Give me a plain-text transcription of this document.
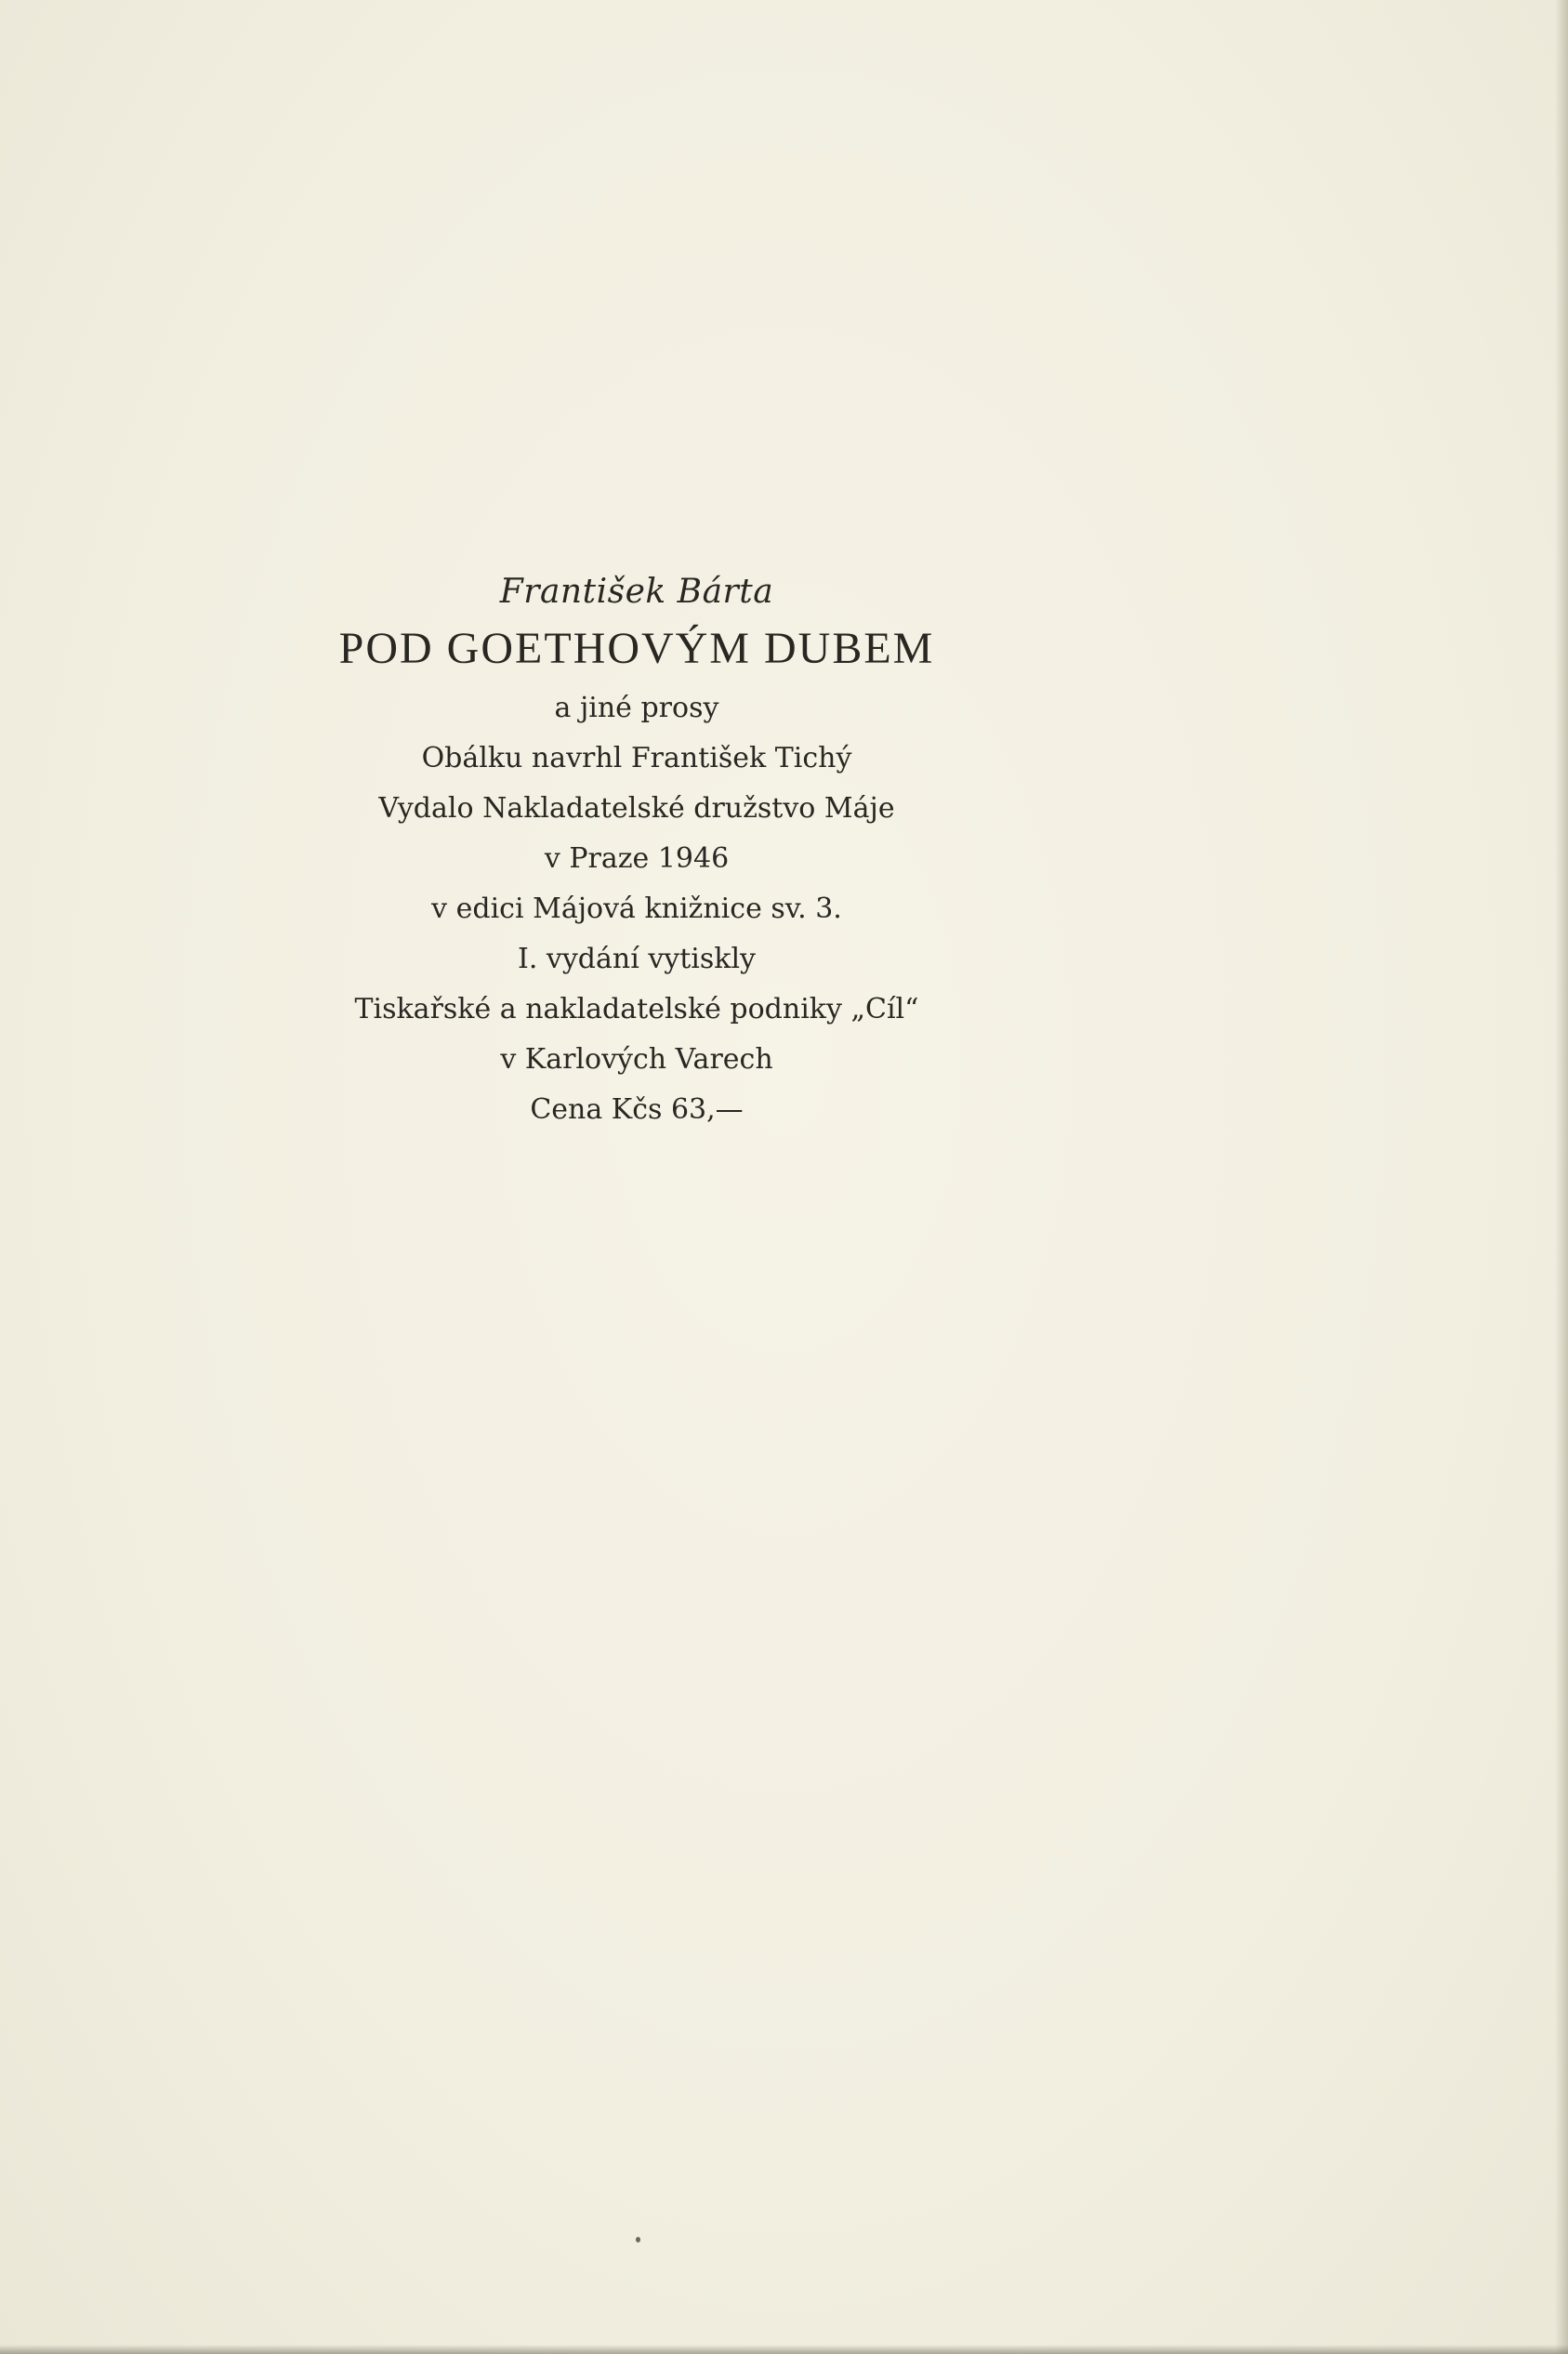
František Bárta
POD GOETHOVÝM DUBEM
a jiné prosy
Obálku navrhl František Tichý
Vydalo Nakladatelské družstvo Máje
v Praze 1946
v edici Májová knižnice sv. 3.
I. vydání vytiskly
Tiskařské a nakladatelské podniky „Cíl“
v Karlových Varech
Cena Kčs 63,—
